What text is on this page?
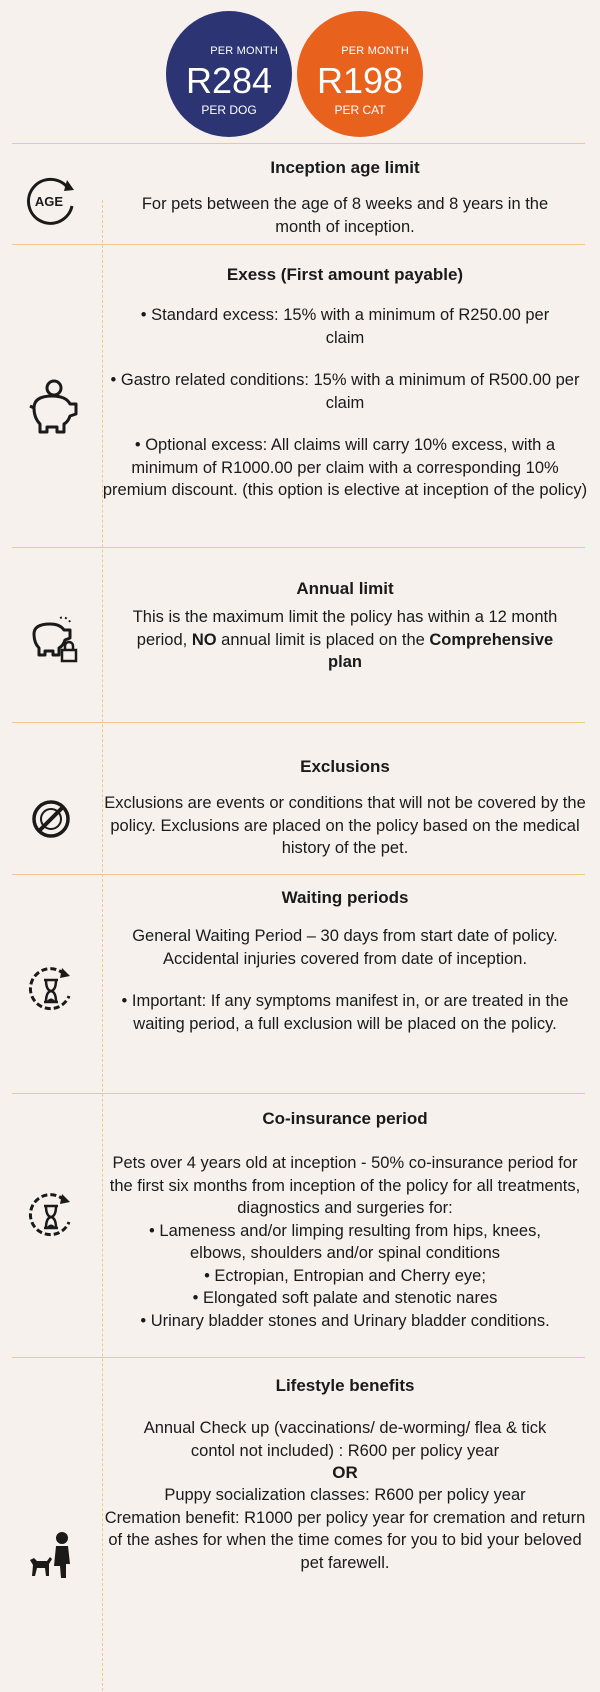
PER MONTH
R284
PER DOG
PER MONTH
R198
PER CAT
AGE

Inception age limit

For pets between the age of 8 weeks and 8 years in the month of inception.

Exess (First amount payable)

• Standard excess: 15% with a minimum of R250.00 per claim

• Gastro related conditions: 15% with a minimum of R500.00 per claim

• Optional excess: All claims will carry 10% excess, with a minimum of R1000.00 per claim with a corresponding 10% premium discount. (this option is elective at inception of the policy)

Annual limit

This is the maximum limit the policy has within a 12 month period, NO annual limit is placed on the Comprehensive plan

Exclusions

Exclusions are events or conditions that will not be covered by the policy. Exclusions are placed on the policy based on the medical history of the pet.

Waiting periods

General Waiting Period – 30 days from start date of policy. Accidental injuries covered from date of inception.

• Important: If any symptoms manifest in, or are treated in the waiting period, a full exclusion will be placed on the policy.

Co-insurance period

Pets over 4 years old at inception - 50% co-insurance period for the first six months from inception of the policy for all treatments, diagnostics and surgeries for:

• Lameness and/or limping resulting from hips, knees, elbows, shoulders and/or spinal conditions

• Ectropian, Entropian and Cherry eye;

• Elongated soft palate and stenotic nares

• Urinary bladder stones and Urinary bladder conditions.

Lifestyle benefits

Annual Check up (vaccinations/ de-worming/ flea & tick contol not included) : R600 per policy year

OR

Puppy socialization classes: R600 per policy year

Cremation benefit: R1000 per policy year for cremation and return of the ashes for when the time comes for you to bid your beloved pet farewell.
